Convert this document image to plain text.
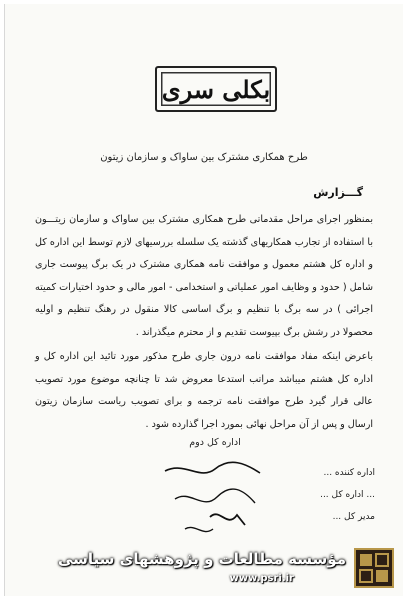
بکلی سری
طرح همکاری مشترک بین ساواک و سازمان زیتون
گـــزارش

بمنظور اجرای مراحل مقدماتی طرح همکاری مشترک بین ساواک و سازمان زیتـــون با استفاده از تجارب همکاریهای گذشته یک سلسله بررسیهای لازم توسط این اداره کل و اداره کل هشتم معمول و موافقت نامه همکاری مشترک در یک برگ پیوست جاری شامل ( حدود و وظایف امور عملیاتی و استخدامی - امور مالی و حدود اختیارات کمیته اجرائی ) در سه برگ با تنظیم و برگ اساسی کالا منقول در رهنگ تنظیم و اولیه محصولا در رشش برگ بپیوست تقدیم و از محترم میگذراند .

باعرض اینکه مفاد موافقت نامه درون جاری طرح مذکور مورد تائید این اداره کل و اداره کل هشتم میباشد مراتب استدعا معروض شد تا چنانچه موضوع مورد تصویب عالی قرار گیرد طرح موافقت نامه ترجمه و برای تصویب ریاست سازمان زیتون ارسال و پس از آن مراحل نهائی بمورد اجرا گذارده شود .

اداره کل دوم
اداره کننده ...
... اداره کل ...
مدیر کل ...
مؤسسه مطالعات و پژوهشهای سیاسی
www.psri.ir
